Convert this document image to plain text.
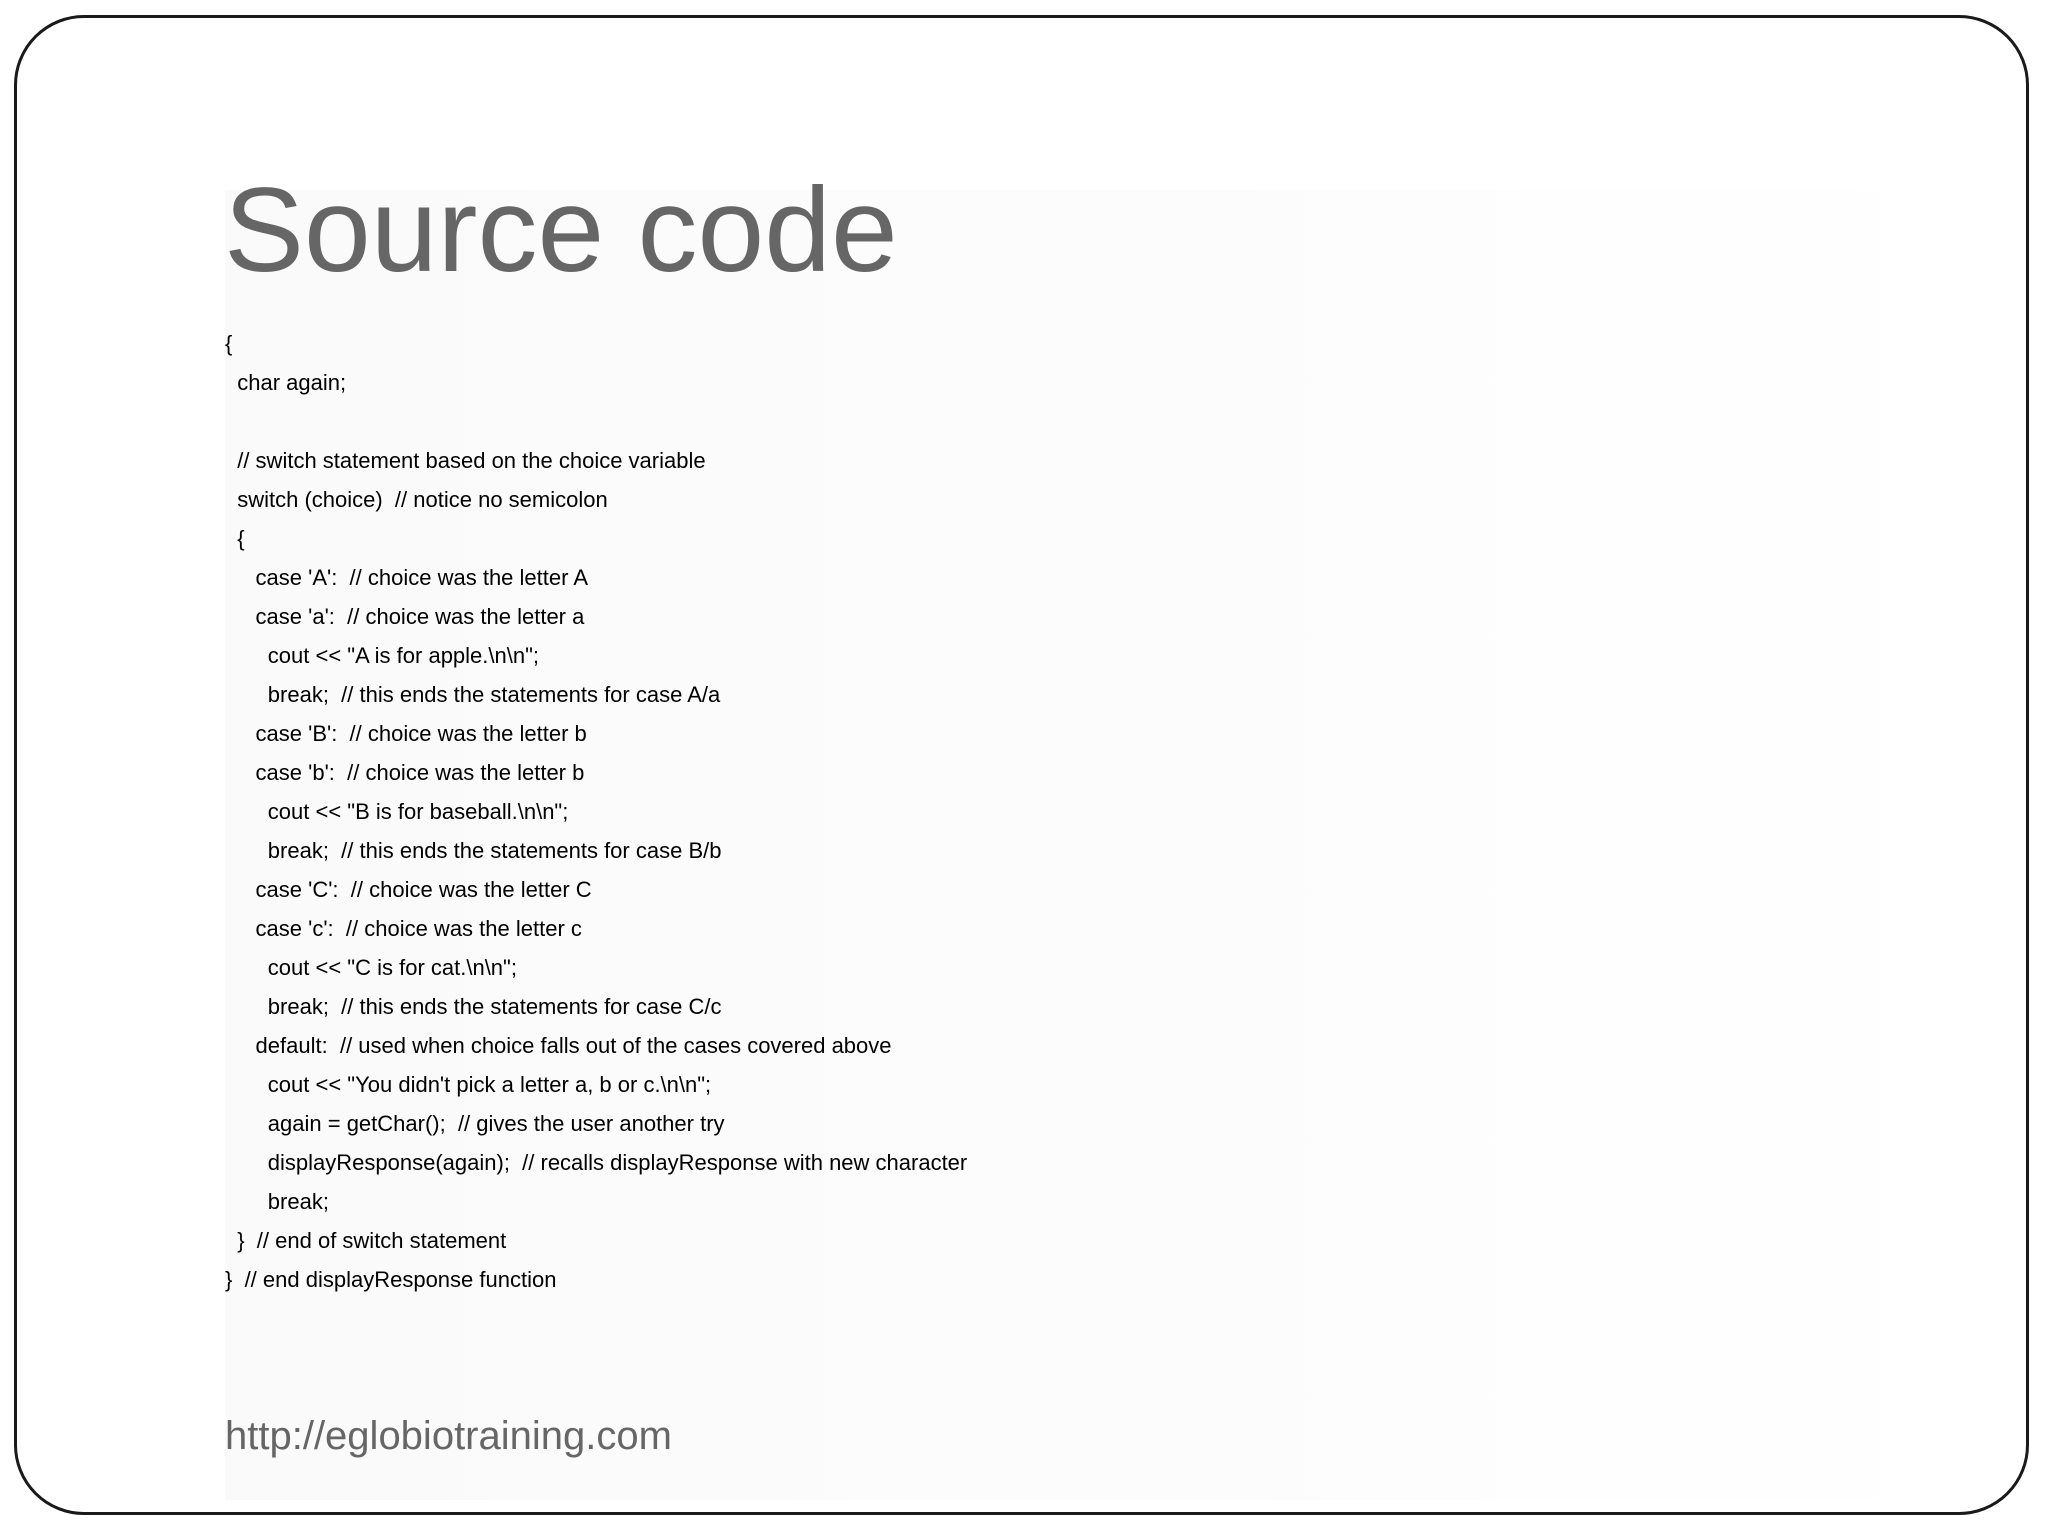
Source code
{
char again;
// switch statement based on the choice variable
switch (choice)  // notice no semicolon
{
case 'A':  // choice was the letter A
case 'a':  // choice was the letter a
cout << "A is for apple.\n\n";
break;  // this ends the statements for case A/a
case 'B':  // choice was the letter b
case 'b':  // choice was the letter b
cout << "B is for baseball.\n\n";
break;  // this ends the statements for case B/b
case 'C':  // choice was the letter C
case 'c':  // choice was the letter c
cout << "C is for cat.\n\n";
break;  // this ends the statements for case C/c
default:  // used when choice falls out of the cases covered above
cout << "You didn't pick a letter a, b or c.\n\n";
again = getChar();  // gives the user another try
displayResponse(again);  // recalls displayResponse with new character
break;
}  // end of switch statement
}  // end displayResponse function

http://eglobiotraining.com
